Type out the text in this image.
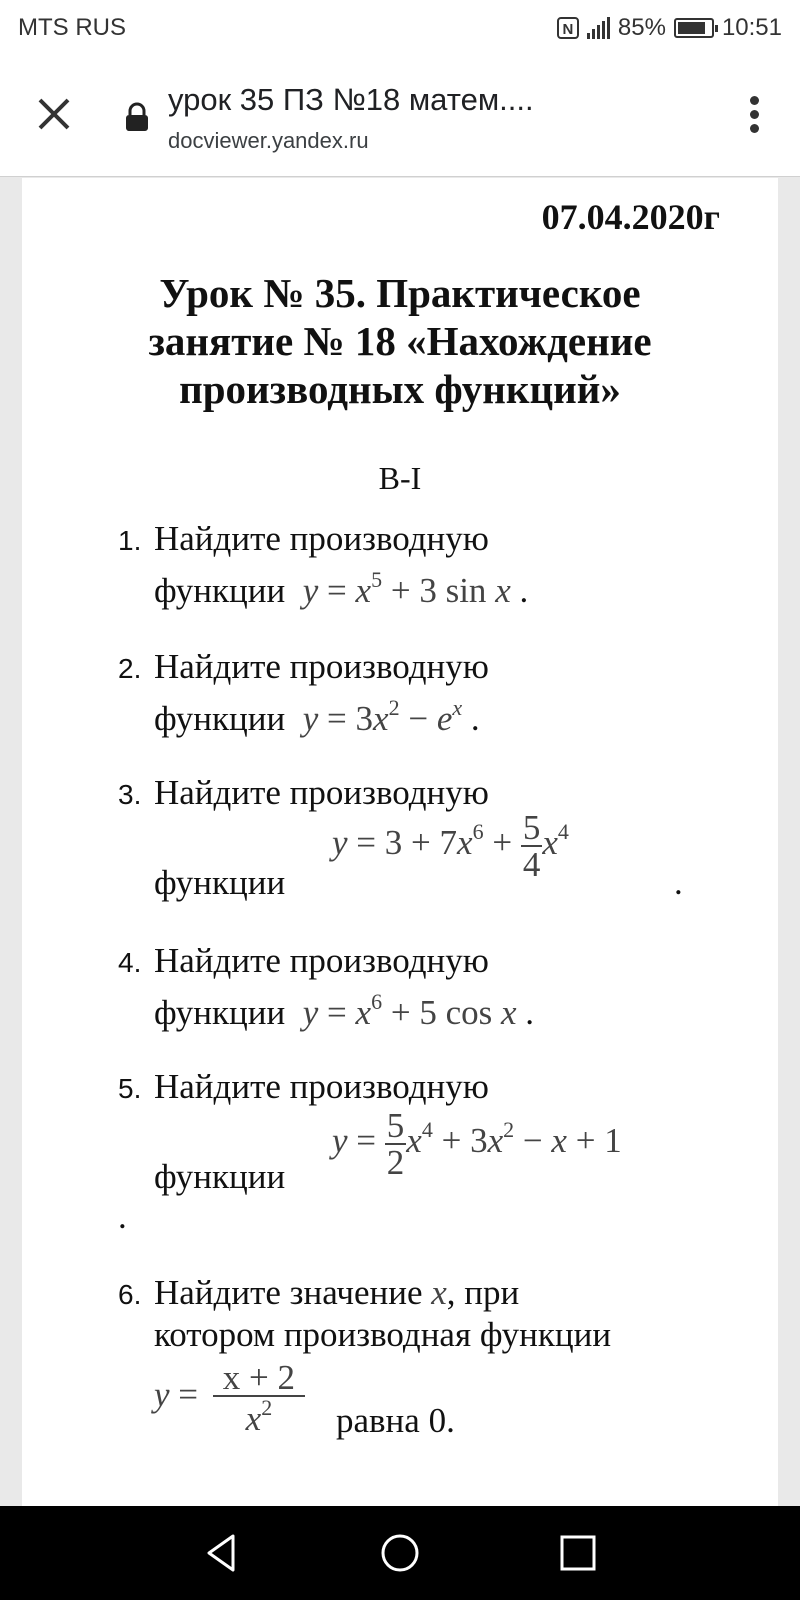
MTS RUS	N 85% 10:51
урок 35 ПЗ №18 матем....
docviewer.yandex.ru
07.04.2020г
Урок № 35. Практическое
занятие № 18 «Нахождение
производных функций»
В-I
1. Найдите производную
функции $y = x^5 + 3$ sin x .
2. Найдите производную
функции $y = 3x^2 - e^x$ .
3. Найдите производную
функции
$y = 3 + 7x^6 + \frac{5}{4} x^4$
.
4. Найдите производную
функции $y = x^6 + 5$ cos x .
5. Найдите производную
функции
$y = \frac{5}{2} x^4 + 3x^2 - x + 1$
.
6. Найдите значение x, при
котором производная функции
$y = \frac{x + 2}{x^2}$ равна 0.
